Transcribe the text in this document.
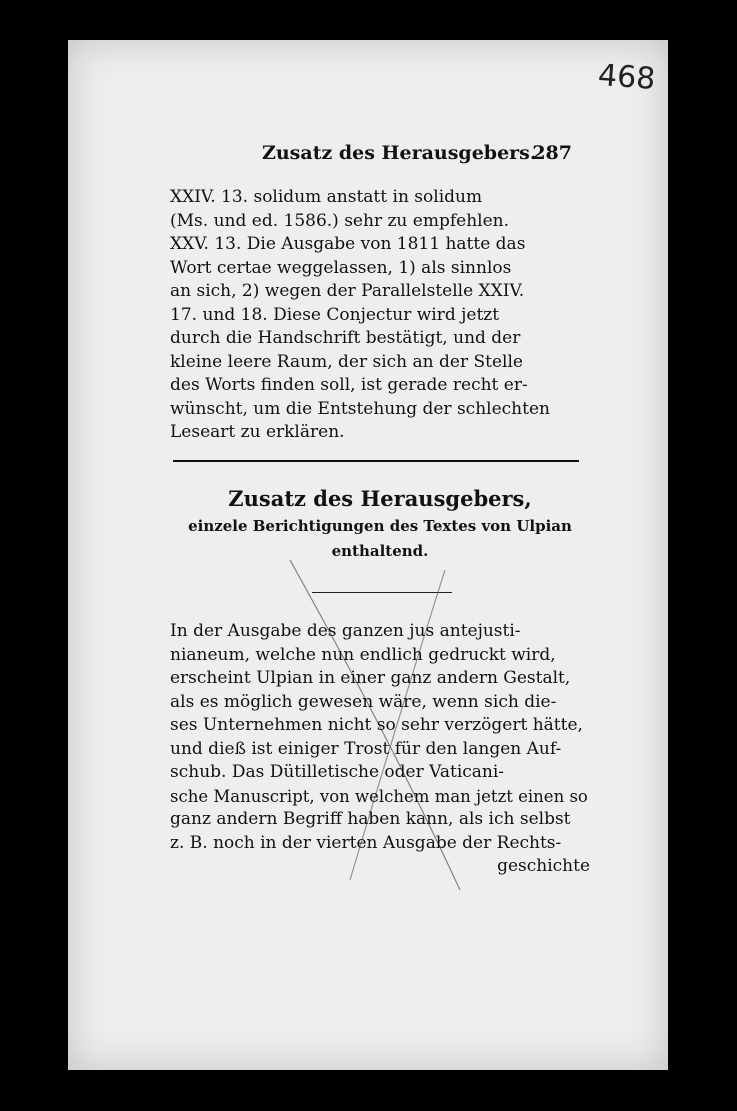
468
Zusatz des Herausgebers.
287
XXIV. 13. solidum anstatt in solidum
(Ms. und ed. 1586.) sehr zu empfehlen.
XXV. 13. Die Ausgabe von 1811 hatte das
Wort certae weggelassen, 1) als sinnlos
an sich, 2) wegen der Parallelstelle XXIV.
17. und 18. Diese Conjectur wird jetzt
durch die Handschrift bestätigt, und der
kleine leere Raum, der sich an der Stelle
des Worts finden soll, ist gerade recht er-
wünscht, um die Entstehung der schlechten
Leseart zu erklären.
Zusatz des Herausgebers,
einzele Berichtigungen des Textes von Ulpian
enthaltend.
In der Ausgabe des ganzen jus antejusti-
nianeum, welche nun endlich gedruckt wird,
erscheint Ulpian in einer ganz andern Gestalt,
als es möglich gewesen wäre, wenn sich die-
ses Unternehmen nicht so sehr verzögert hätte,
und dieß ist einiger Trost für den langen Auf-
schub. Das Dütilletische oder Vaticani-
sche Manuscript, von welchem man jetzt einen so
ganz andern Begriff haben kann, als ich selbst
z. B. noch in der vierten Ausgabe der Rechts-
geschichte
